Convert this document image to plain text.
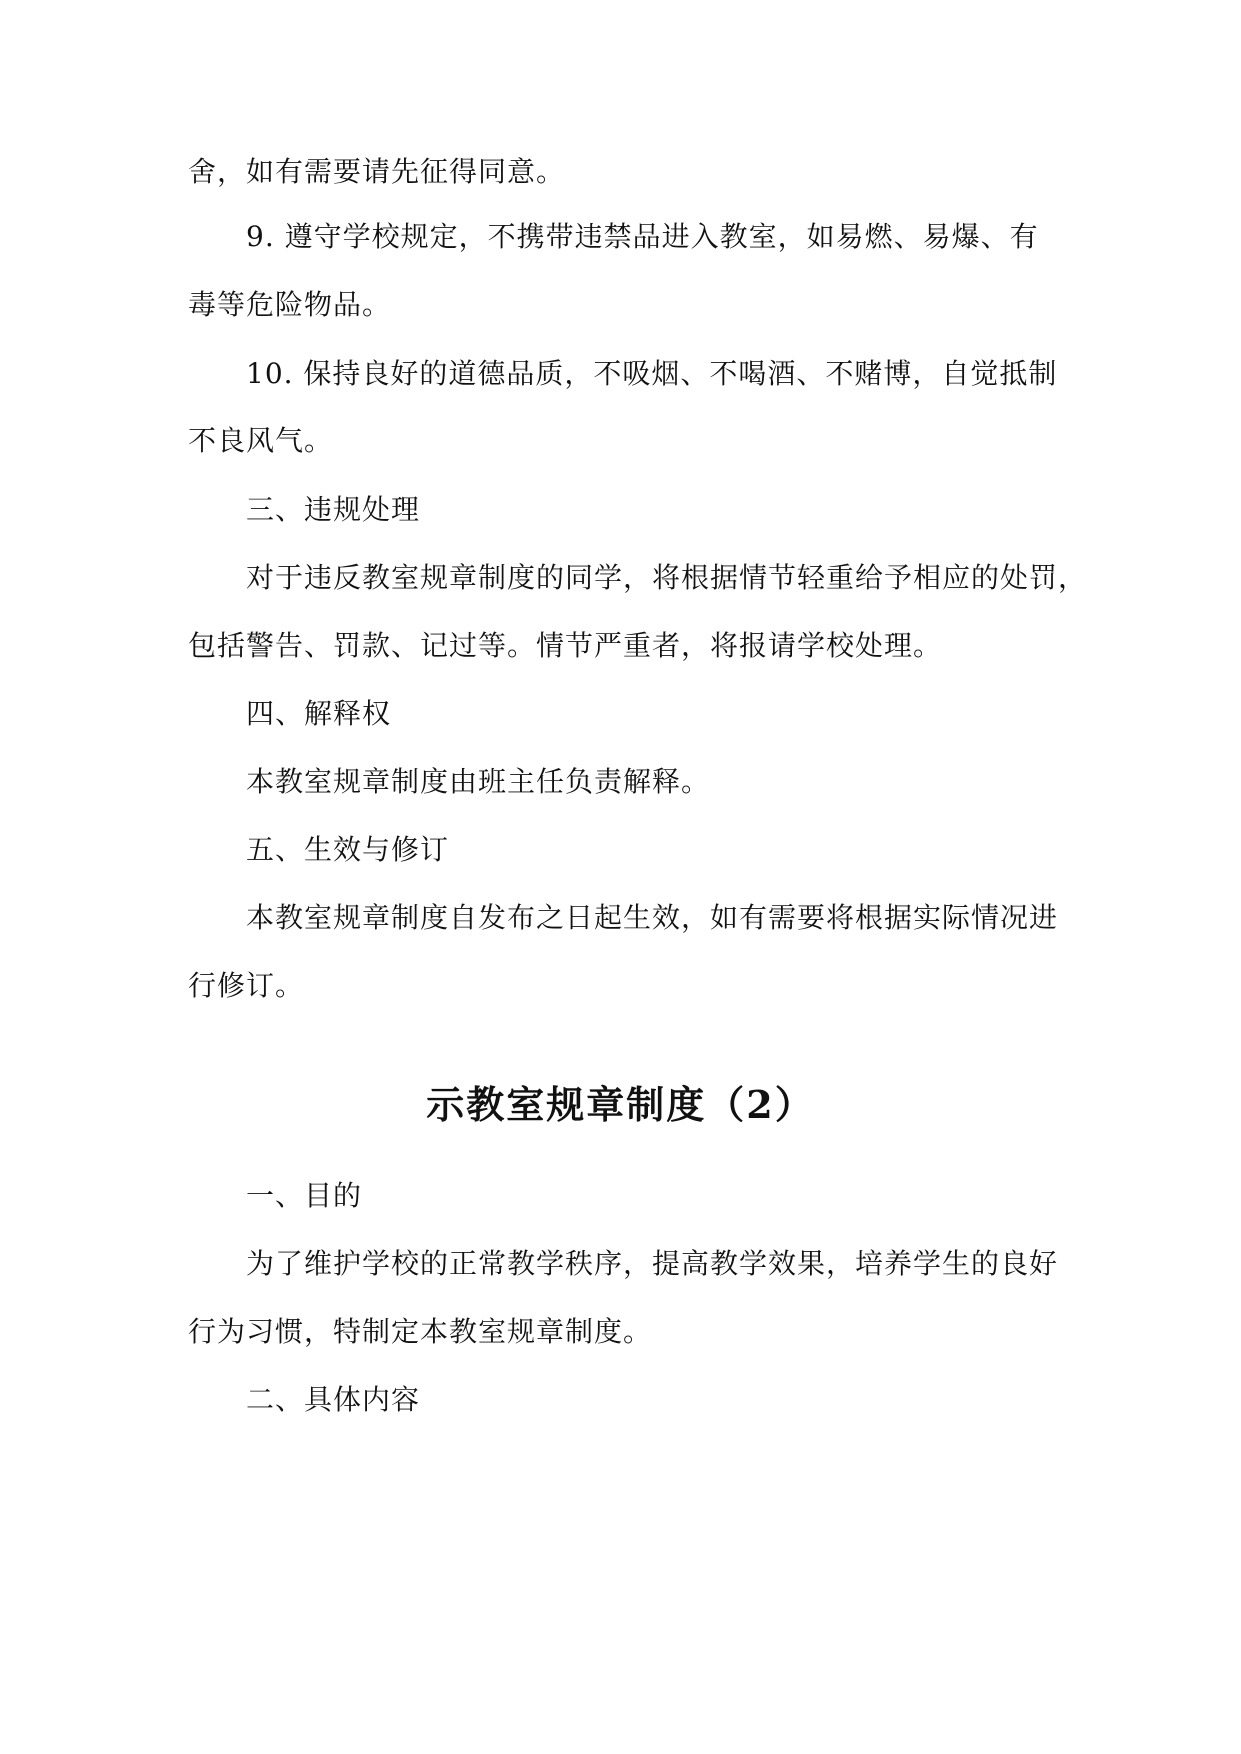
舍，如有需要请先征得同意。
9. 遵守学校规定，不携带违禁品进入教室，如易燃、易爆、有
毒等危险物品。
10. 保持良好的道德品质，不吸烟、不喝酒、不赌博，自觉抵制
不良风气。
三、违规处理
对于违反教室规章制度的同学，将根据情节轻重给予相应的处罚，
包括警告、罚款、记过等。情节严重者，将报请学校处理。
四、解释权
本教室规章制度由班主任负责解释。
五、生效与修订
本教室规章制度自发布之日起生效，如有需要将根据实际情况进
行修订。
示教室规章制度（2）
一、目的
为了维护学校的正常教学秩序，提高教学效果，培养学生的良好
行为习惯，特制定本教室规章制度。
二、具体内容
